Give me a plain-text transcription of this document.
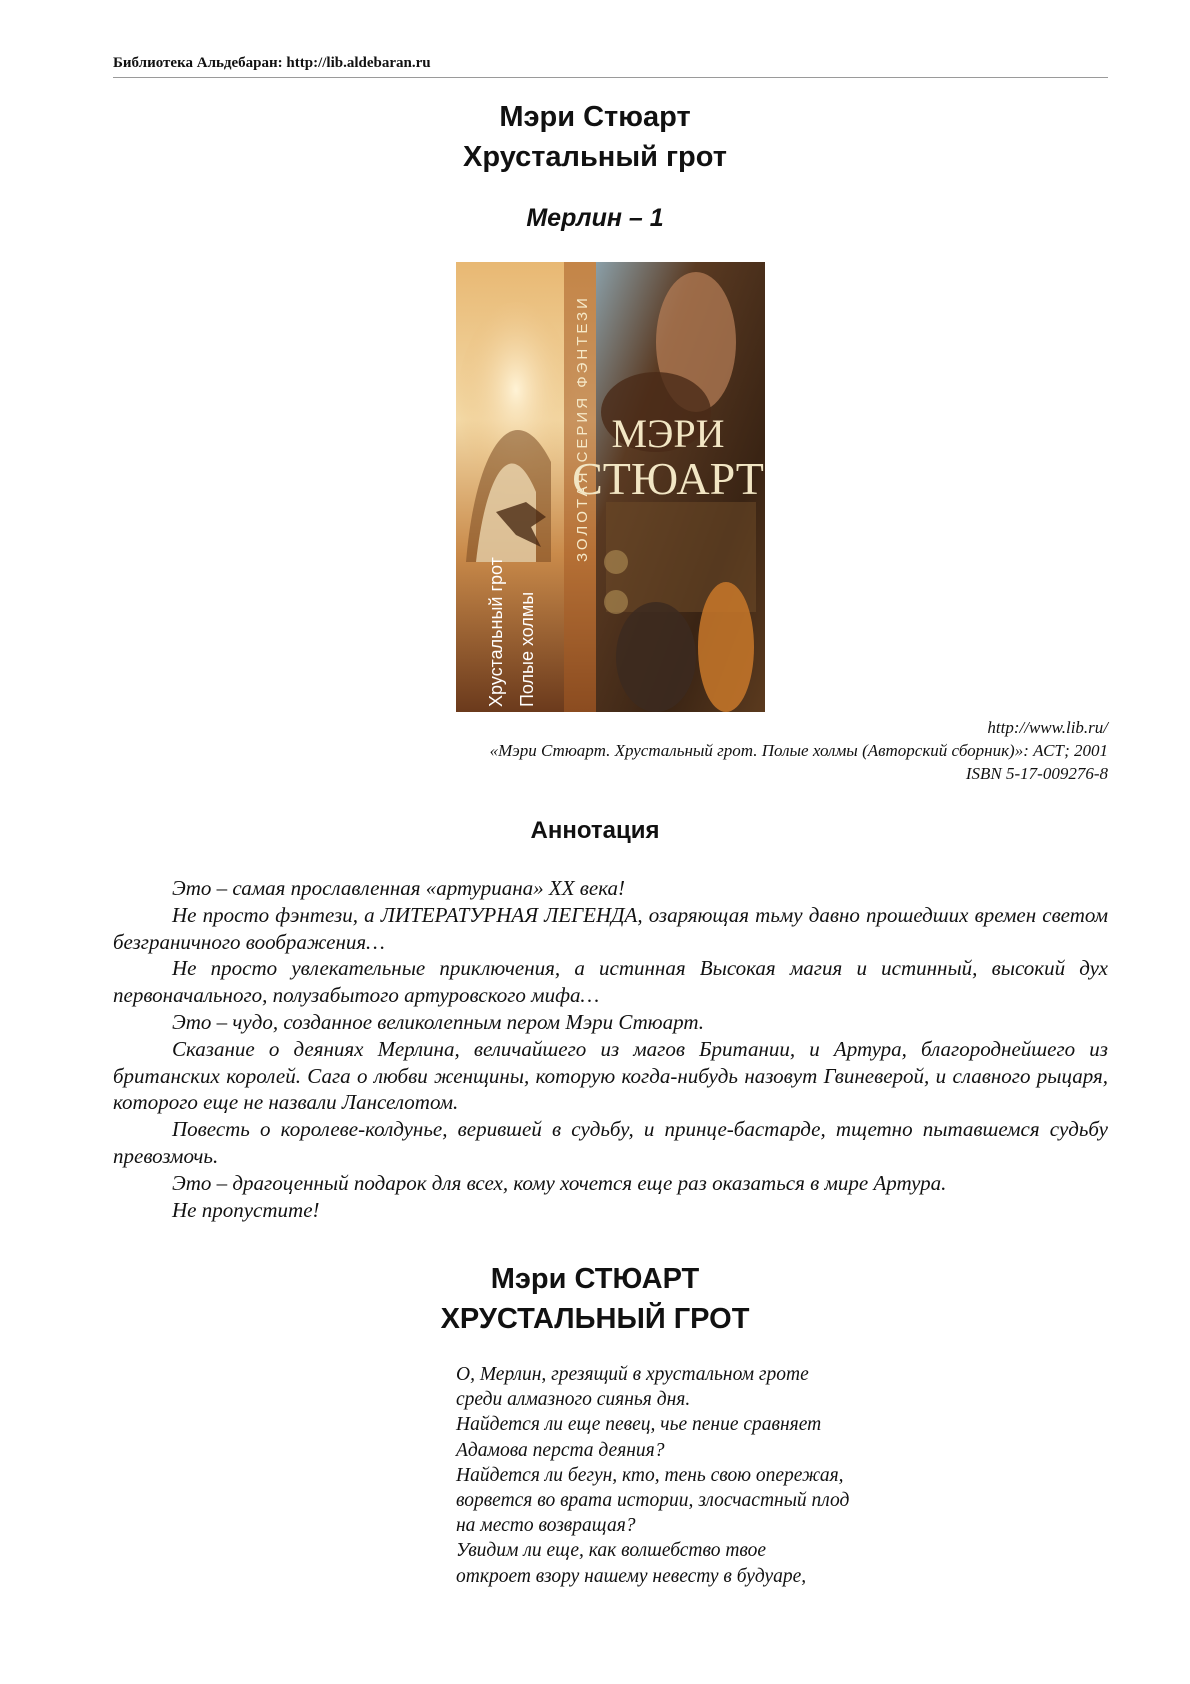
Библиотека Альдебаран: http://lib.aldebaran.ru
Мэри Стюарт
Хрустальный грот
Мерлин – 1
ЗОЛОТАЯ СЕРИЯ ФЭНТЕЗИ МЭРИ
СТЮАРТ
Хрустальный грот Полые холмы
http://www.lib.ru/
«Мэри Стюарт. Хрустальный грот. Полые холмы (Авторский сборник)»: АСТ; 2001
ISBN 5-17-009276-8
Аннотация

Это – самая прославленная «артуриана» XX века!

Не просто фэнтези, а ЛИТЕРАТУРНАЯ ЛЕГЕНДА, озаряющая тьму давно прошедших времен светом безграничного воображения…

Не просто увлекательные приключения, а истинная Высокая магия и истинный, высокий дух первоначального, полузабытого артуровского мифа…

Это – чудо, созданное великолепным пером Мэри Стюарт.

Сказание о деяниях Мерлина, величайшего из магов Британии, и Артура, благороднейшего из британских королей. Сага о любви женщины, которую когда-нибудь назовут Гвиневерой, и славного рыцаря, которого еще не назвали Ланселотом.

Повесть о королеве-колдунье, верившей в судьбу, и принце-бастарде, тщетно пытавшемся судьбу превозмочь.

Это – драгоценный подарок для всех, кому хочется еще раз оказаться в мире Артура.

Не пропустите!

Мэри СТЮАРТ
ХРУСТАЛЬНЫЙ ГРОТ
О, Мерлин, грезящий в хрустальном гроте
среди алмазного сиянья дня.
Найдется ли еще певец, чье пение сравняет
Адамова перста деяния?
Найдется ли бегун, кто, тень свою опережая,
ворвется во врата истории, злосчастный плод
на место возвращая?
Увидим ли еще, как волшебство твое
откроет взору нашему невесту в будуаре,
